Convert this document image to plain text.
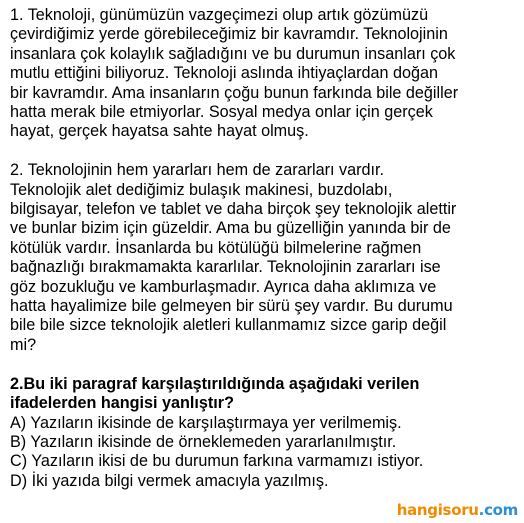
1. Teknoloji, günümüzün vazgeçimezi olup artık gözümüzü
çevirdiğimiz yerde görebileceğimiz bir kavramdır. Teknolojinin
insanlara çok kolaylık sağladığını ve bu durumun insanları çok
mutlu ettiğini biliyoruz. Teknoloji aslında ihtiyaçlardan doğan
bir kavramdır. Ama insanların çoğu bunun farkında bile değiller
hatta merak bile etmiyorlar. Sosyal medya onlar için gerçek
hayat, gerçek hayatsa sahte hayat olmuş.
2. Teknolojinin hem yararları hem de zararları vardır.
Teknolojik alet dediğimiz bulaşık makinesi, buzdolabı,
bilgisayar, telefon ve tablet ve daha birçok şey teknolojik alettir
ve bunlar bizim için güzeldir. Ama bu güzelliğin yanında bir de
kötülük vardır. İnsanlarda bu kötülüğü bilmelerine rağmen
bağnazlığı bırakmamakta kararlılar. Teknolojinin zararları ise
göz bozukluğu ve kamburlaşmadır. Ayrıca daha aklımıza ve
hatta hayalimize bile gelmeyen bir sürü şey vardır. Bu durumu
bile bile sizce teknolojik aletleri kullanmamız sizce garip değil
mi?
2.Bu iki paragraf karşılaştırıldığında aşağıdaki verilen
ifadelerden hangisi yanlıştır?
A) Yazıların ikisinde de karşılaştırmaya yer verilmemiş.
B) Yazıların ikisinde de örneklemeden yararlanılmıştır.
C) Yazıların ikisi de bu durumun farkına varmamızı istiyor.
D) İki yazıda bilgi vermek amacıyla yazılmış.
hangisoru.com
